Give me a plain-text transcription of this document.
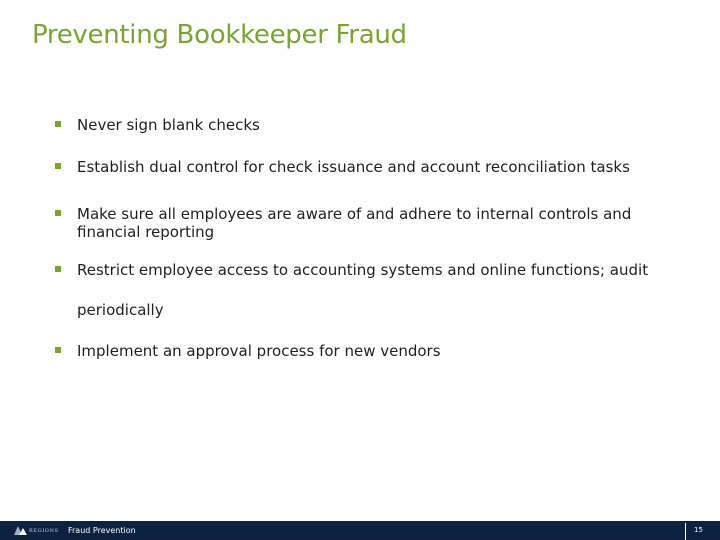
Preventing Bookkeeper Fraud
Never sign blank checks
Establish dual control for check issuance and account reconciliation tasks
Make sure all employees are aware of and adhere to internal controls and financial reporting
Restrict employee access to accounting systems and online functions; audit periodically
Implement an approval process for new vendors
REGIONS Fraud Prevention	15
